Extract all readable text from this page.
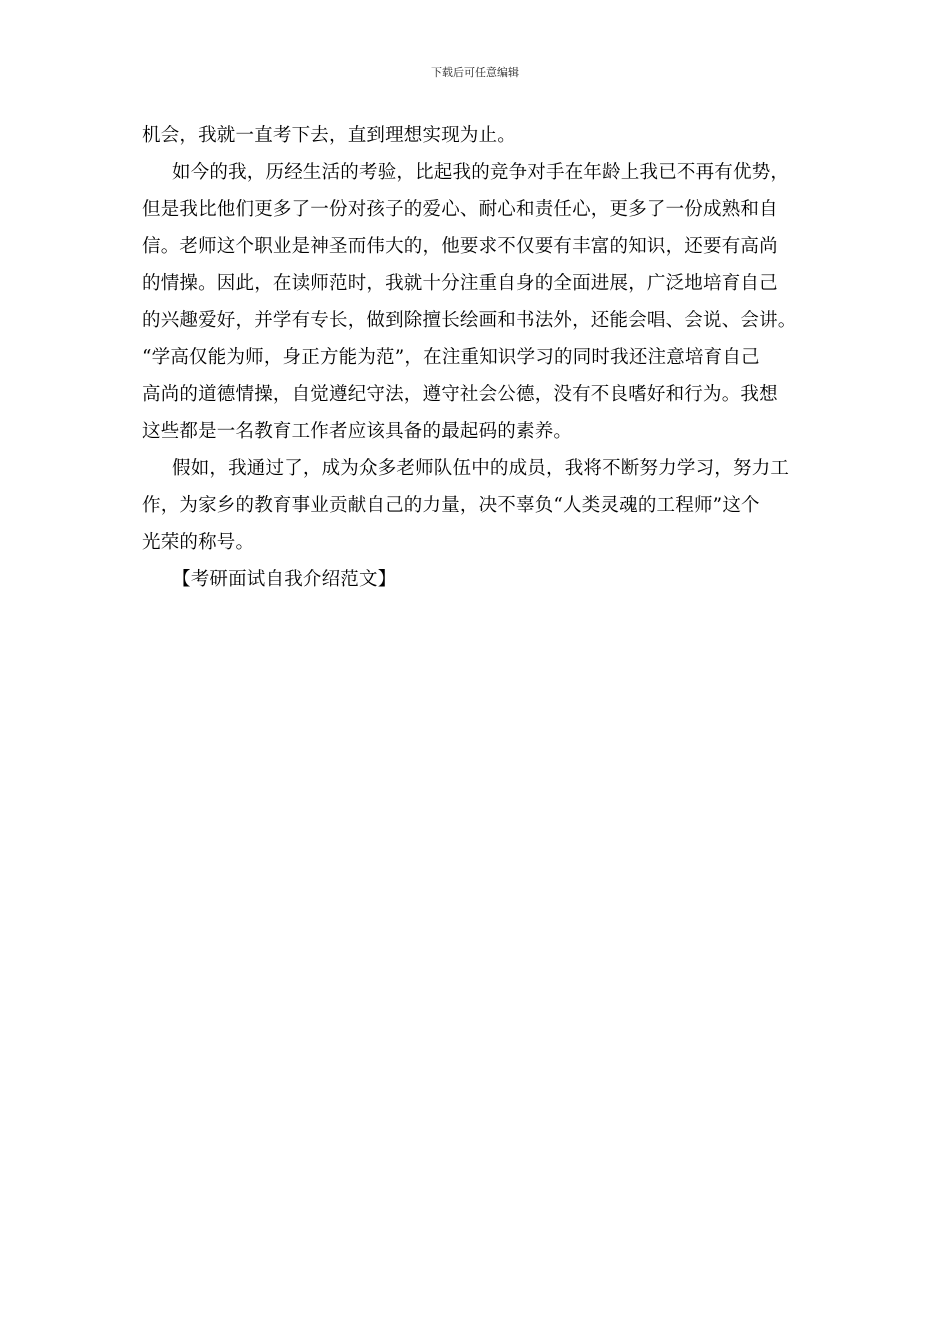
下载后可任意编辑
机会，我就一直考下去，直到理想实现为止。
如今的我，历经生活的考验，比起我的竞争对手在年龄上我已不再有优势，
但是我比他们更多了一份对孩子的爱心、耐心和责任心，更多了一份成熟和自
信。老师这个职业是神圣而伟大的，他要求不仅要有丰富的知识，还要有高尚
的情操。因此，在读师范时，我就十分注重自身的全面进展，广泛地培育自己
的兴趣爱好，并学有专长，做到除擅长绘画和书法外，还能会唱、会说、会讲。
“学高仅能为师，身正方能为范”，在注重知识学习的同时我还注意培育自己
高尚的道德情操，自觉遵纪守法，遵守社会公德，没有不良嗜好和行为。我想
这些都是一名教育工作者应该具备的最起码的素养。
假如，我通过了，成为众多老师队伍中的成员，我将不断努力学习，努力工
作，为家乡的教育事业贡献自己的力量，决不辜负“人类灵魂的工程师”这个
光荣的称号。
【考研面试自我介绍范文】
